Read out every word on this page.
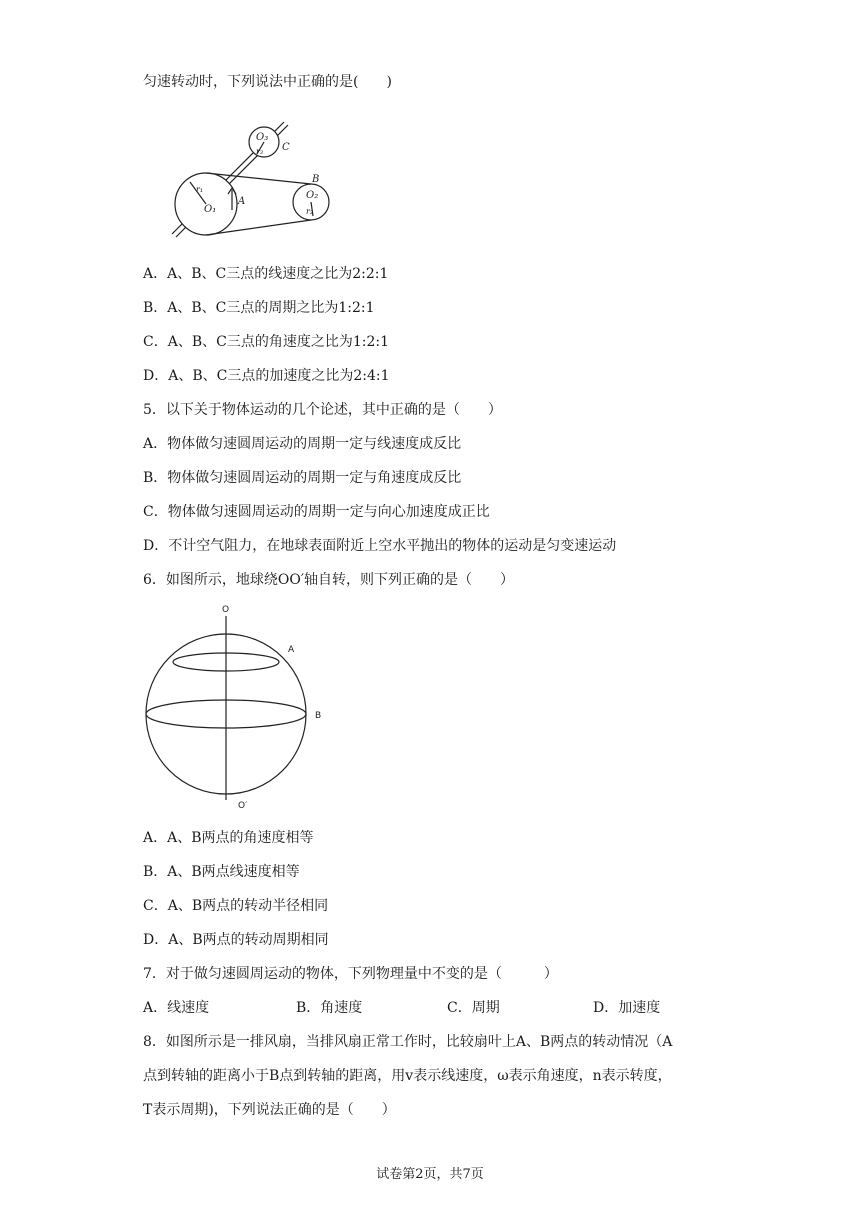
匀速转动时，下列说法中正确的是(　　)
O₃
r₃ C
B
O₂
r₂
r₁
O₁
A
A．A、B、C三点的线速度之比为2:2:1
B．A、B、C三点的周期之比为1:2:1
C．A、B、C三点的角速度之比为1:2:1
D．A、B、C三点的加速度之比为2:4:1
5．以下关于物体运动的几个论述，其中正确的是（　　）
A．物体做匀速圆周运动的周期一定与线速度成反比
B．物体做匀速圆周运动的周期一定与角速度成反比
C．物体做匀速圆周运动的周期一定与向心加速度成正比
D．不计空气阻力，在地球表面附近上空水平抛出的物体的运动是匀变速运动
6．如图所示，地球绕OO′轴自转，则下列正确的是（　　）
O
A
B
O′
A．A、B两点的角速度相等
B．A、B两点线速度相等
C．A、B两点的转动半径相同
D．A、B两点的转动周期相同
7．对于做匀速圆周运动的物体，下列物理量中不变的是（　　　）
A．线速度	B．角速度	C．周期	D．加速度
8．如图所示是一排风扇，当排风扇正常工作时，比较扇叶上A、B两点的转动情况（A
点到转轴的距离小于B点到转轴的距离，用v表示线速度，ω表示角速度，n表示转度，
T表示周期)，下列说法正确的是（　　）
试卷第2页，共7页
